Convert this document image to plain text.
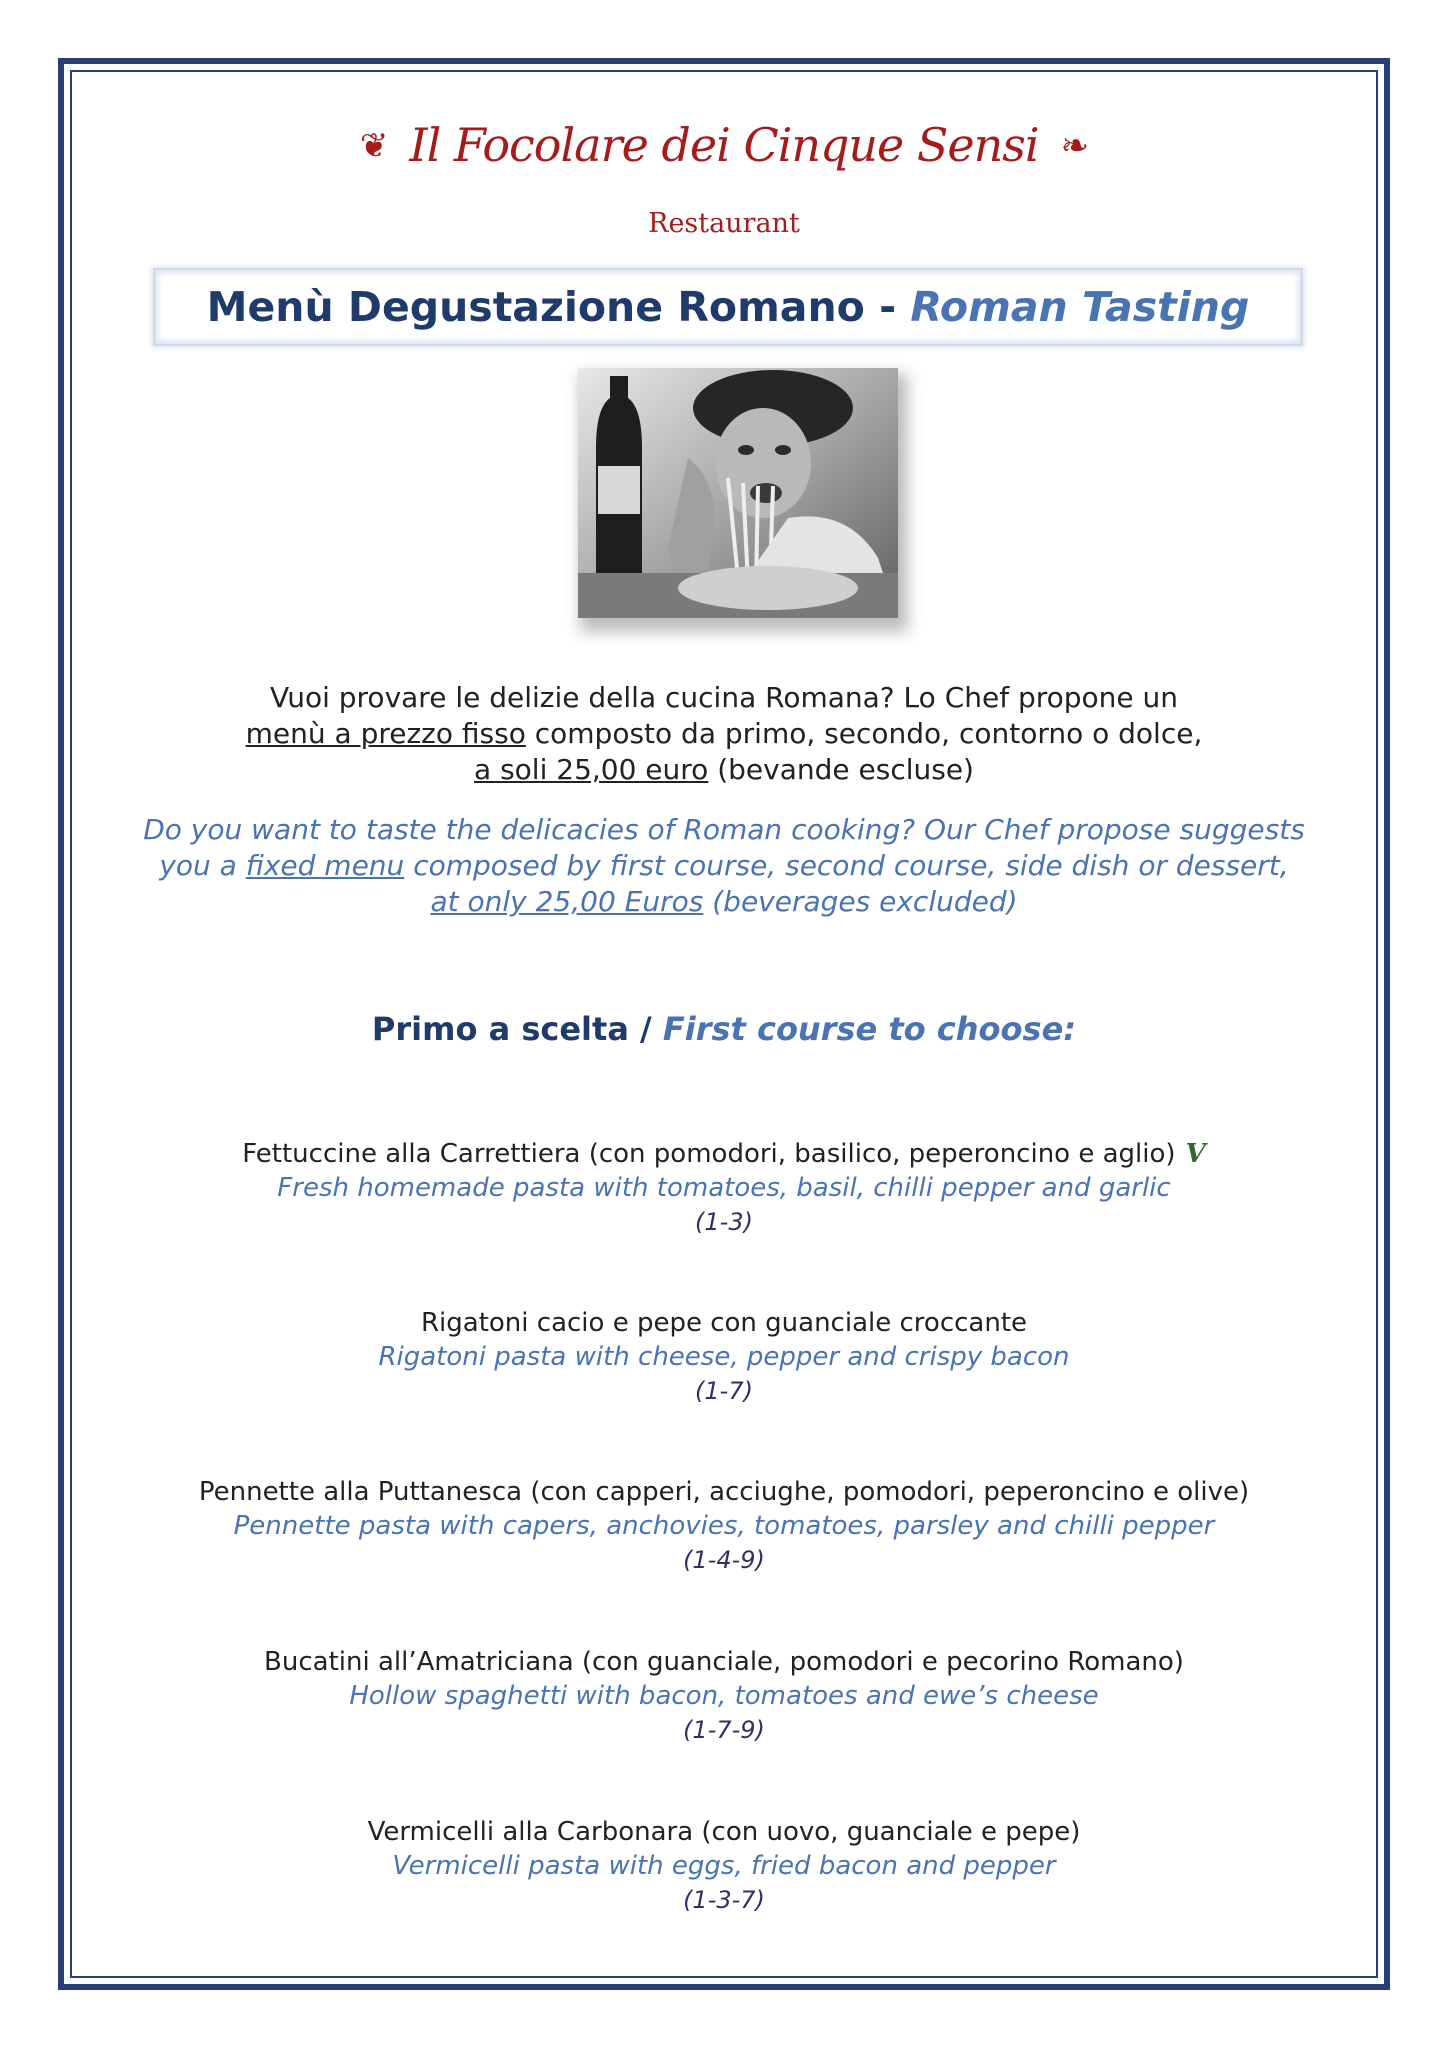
❦ Il Focolare dei Cinque Sensi ❧
Restaurant
Menù Degustazione Romano - Roman Tasting
Vuoi provare le delizie della cucina Romana? Lo Chef propone un
menù a prezzo fisso composto da primo, secondo, contorno o dolce,
a soli 25,00 euro (bevande escluse)
Do you want to taste the delicacies of Roman cooking? Our Chef propose suggests
you a fixed menu composed by first course, second course, side dish or dessert,
at only 25,00 Euros (beverages excluded)
Primo a scelta / First course to choose:
Fettuccine alla Carrettiera (con pomodori, basilico, peperoncino e aglio) V
Fresh homemade pasta with tomatoes, basil, chilli pepper and garlic
(1-3)
Rigatoni cacio e pepe con guanciale croccante
Rigatoni pasta with cheese, pepper and crispy bacon
(1-7)
Pennette alla Puttanesca (con capperi, acciughe, pomodori, peperoncino e olive)
Pennette pasta with capers, anchovies, tomatoes, parsley and chilli pepper
(1-4-9)
Bucatini all’Amatriciana (con guanciale, pomodori e pecorino Romano)
Hollow spaghetti with bacon, tomatoes and ewe’s cheese
(1-7-9)
Vermicelli alla Carbonara (con uovo, guanciale e pepe)
Vermicelli pasta with eggs, fried bacon and pepper
(1-3-7)
